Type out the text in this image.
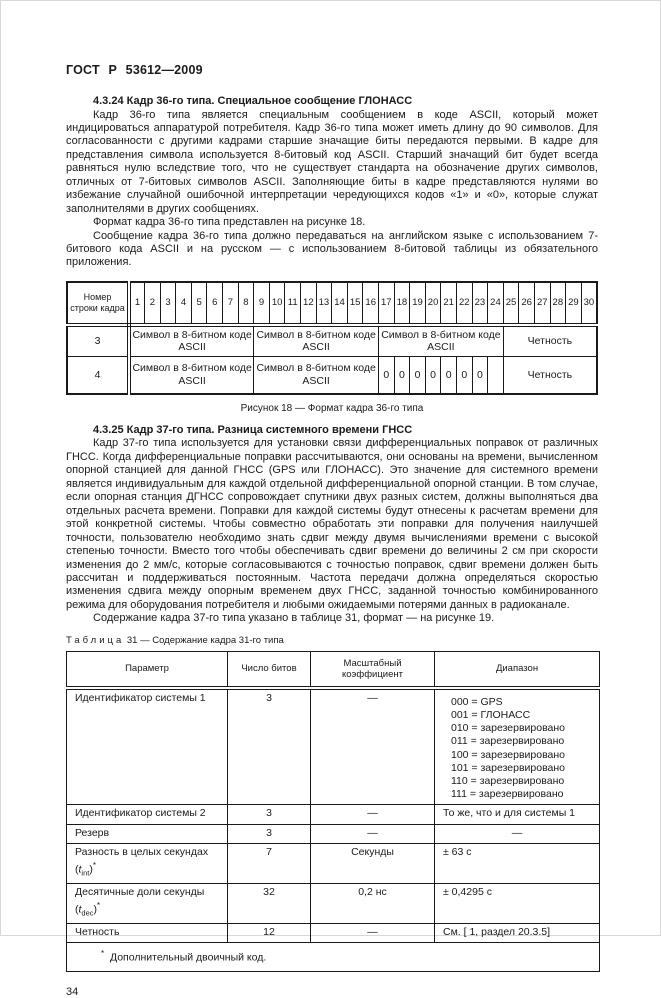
ГОСТ Р 53612—2009
4.3.24 Кадр 36-го типа. Специальное сообщение ГЛОНАСС

Кадр 36-го типа является специальным сообщением в коде ASCII, который может индицироваться аппаратурой потребителя. Кадр 36-го типа может иметь длину до 90 символов. Для согласованности с другими кадрами старшие значащие биты передаются первыми. В кадре для представления символа используется 8-битовый код ASCII. Старший значащий бит будет всегда равняться нулю вследствие того, что не существует стандарта на обозначение других символов, отличных от 7-битовых символов ASCII. Заполняющие биты в кадре представляются нулями во избежание случайной ошибочной интерпретации чередующихся кодов «1» и «0», которые служат заполнителями в других сообщениях.

Формат кадра 36-го типа представлен на рисунке 18.

Сообщение кадра 36-го типа должно передаваться на английском языке с использованием 7-битового кода ASCII и на русском — с использованием 8-битовой таблицы из обязательного приложения.

Номер строки кадра	1	2	3	4	5	6	7	8	9	10	11	12	13	14	15	16	17	18	19	20	21	22	23	24	25	26	27	28	29	30
3	Символ в 8-битном коде ASCII								Символ в 8-битном коде ASCII								Символ в 8-битном коде ASCII								Четность					
4	Символ в 8-битном коде ASCII								Символ в 8-битном коде ASCII								0	0	0	0	0	0	0		Четность					
Рисунок 18 — Формат кадра 36-го типа
4.3.25 Кадр 37-го типа. Разница системного времени ГНСС

Кадр 37-го типа используется для установки связи дифференциальных поправок от различных ГНСС. Когда дифференциальные поправки рассчитываются, они основаны на времени, вычисленном опорной станцией для данной ГНСС (GPS или ГЛОНАСС). Это значение для системного времени является индивидуальным для каждой отдельной дифференциальной опорной станции. В том случае, если опорная станция ДГНСС сопровождает спутники двух разных систем, должны выполняться два отдельных расчета времени. Поправки для каждой системы будут отнесены к расчетам времени для этой конкретной системы. Чтобы совместно обработать эти поправки для получения наилучшей точности, пользователю необходимо знать сдвиг между двумя вычислениями времени с высокой степенью точности. Вместо того чтобы обеспечивать сдвиг времени до величины 2 см при скорости изменения до 2 мм/с, которые согласовываются с точностью поправок, сдвиг времени должен быть рассчитан и поддерживаться постоянным. Частота передачи должна определяться скоростью изменения сдвига между опорным временем двух ГНСС, заданной точностью комбинированного режима для оборудования потребителя и любыми ожидаемыми потерями данных в радиоканале.

Содержание кадра 37-го типа указано в таблице 31, формат — на рисунке 19.

Таблица 31 — Содержание кадра 31-го типа
Параметр	Число битов	Масштабный коэффициент	Диапазон
Идентификатор системы 1	3	—	000 = GPS
001 = ГЛОНАСС
010 = зарезервировано
011 = зарезервировано
100 = зарезервировано
101 = зарезервировано
110 = зарезервировано
111 = зарезервировано
Идентификатор системы 2	3	—	То же, что и для системы 1
Резерв	3	—	—
Разность в целых секундах $(t_{int})^*$	7	Секунды	± 63 с
Десятичные доли секунды $(t_{dec})^*$	32	0,2 нс	± 0,4295 с
Четность	12	—	См. [ 1, раздел 20.3.5]
* Дополнительный двоичный код.			
34
